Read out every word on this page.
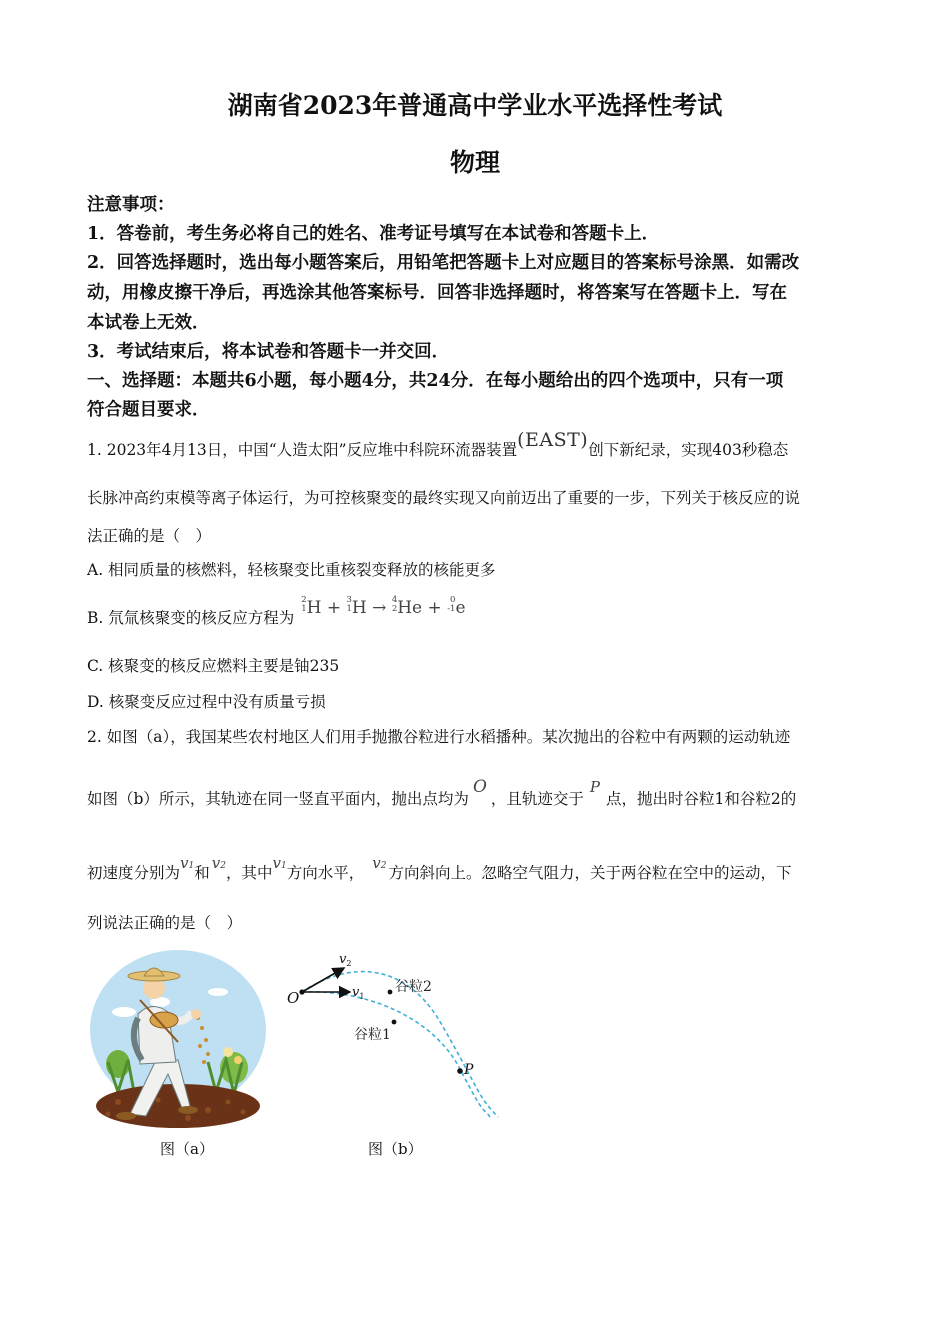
湖南省2023年普通高中学业水平选择性考试
物理
注意事项：
1．答卷前，考生务必将自己的姓名、准考证号填写在本试卷和答题卡上．
2．回答选择题时，选出每小题答案后，用铅笔把答题卡上对应题目的答案标号涂黑．如需改
动，用橡皮擦干净后，再选涂其他答案标号．回答非选择题时，将答案写在答题卡上．写在
本试卷上无效．
3．考试结束后，将本试卷和答题卡一并交回．
一、选择题：本题共6小题，每小题4分，共24分．在每小题给出的四个选项中，只有一项
符合题目要求．
1. 2023年4月13日，中国“人造太阳”反应堆中科院环流器装置(EAST)创下新纪录，实现403秒稳态
长脉冲高约束模等离子体运行，为可控核聚变的最终实现又向前迈出了重要的一步，下列关于核反应的说
法正确的是（　）
A. 相同质量的核燃料，轻核聚变比重核裂变释放的核能更多
B. 氘氚核聚变的核反应方程为 2
1H + 3
1H → 4
2He + 0
-1e
C. 核聚变的核反应燃料主要是铀235
D. 核聚变反应过程中没有质量亏损
2. 如图（a），我国某些农村地区人们用手抛撒谷粒进行水稻播种。某次抛出的谷粒中有两颗的运动轨迹
如图（b）所示，其轨迹在同一竖直平面内，抛出点均为O，且轨迹交于P点，抛出时谷粒1和谷粒2的
初速度分别为v1和v2，其中v1方向水平，v2 方向斜向上。忽略空气阻力，关于两谷粒在空中的运动，下
列说法正确的是（　）
图（a）
O
P
$v_2$
$v_1$
谷粒2
谷粒1
图（b）
